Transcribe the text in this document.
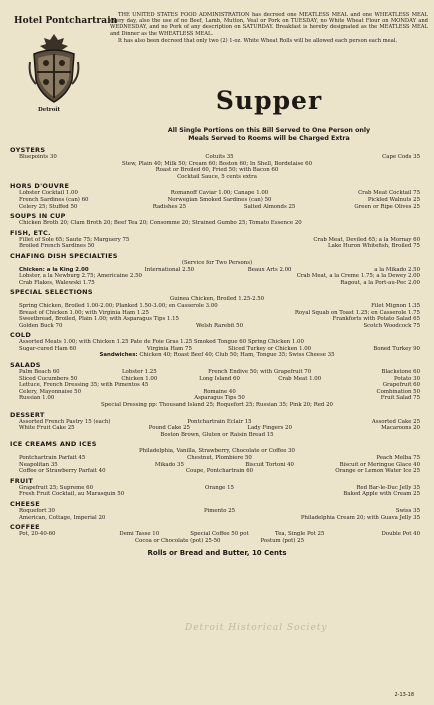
Hotel Pontchartrain
Detroit

THE UNITED STATES FOOD ADMINISTRATION has decreed one MEATLESS MEAL and one WHEATLESS MEAL every day, also the use of no Beef, Lamb, Mutton, Veal or Pork on TUESDAY, no White Wheat Flour on MONDAY and WEDNESDAY, and no Pork of any description on SATURDAY. Breakfast is hereby designated as the MEATLESS MEAL and Dinner as the WHEATLESS MEAL.

It has also been decreed that only two (2) 1-oz. White Wheat Rolls will be allowed each person each meal.

Supper
All Single Portions on this Bill Served to One Person only
Meals Served to Rooms will be Charged Extra
OYSTERS
Bluepoints 30	Cotuits 35	Cape Cods 35
Stew, Plain 40; Milk 50; Cream 60; Boston 60; In Shell, Bordelaise 60
Roast or Broiled 60, Fried 50; with Bacon 60
Cocktail Sauce, 5 cents extra
HORS D'OUVRE
Lobster Cocktail 1.00	Romanoff Caviar 1.00; Canape 1.00	Crab Meat Cocktail 75
French Sardines (can) 60	Norwegian Smoked Sardines (can) 50	Pickled Walnuts 25
Celery 25; Stuffed 50	Radishes 25	Salted Almonds 25	Green or Ripe Olives 25
SOUPS IN CUP
Chicken Broth 20; Clam Broth 20; Beef Tea 20; Consomme 20; Strained Gumbo 25; Tomato Essence 20
FISH, ETC.
Fillet of Sole 65; Saute 75; Marguery 75	Crab Meat, Deviled 65; a la Mornay 60
Broiled French Sardines 50	Lake Huron Whitefish, Broiled 75
CHAFING DISH SPECIALTIES
(Service for Two Persons)
Chicken: a la King 2.00	International 2.50	Beaux Arts 2.00	a la Mikado 2.50
Lobster, a la Newburg 2.75; Americaine 2.50	Crab Meat, a la Creme 1.75; a la Dewey 2.00
Crab Flakes, Walewski 1.75	Ragout, a la Port-au-Pec 2.00
SPECIAL SELECTIONS
Guinea Chicken, Broiled 1.25-2.50
Spring Chicken, Broiled 1.00-2.00; Planked 1.50-3.00; en Casserole 3.00	Filet Mignon 1.35
Breast of Chicken 1.00; with Virginia Ham 1.25	Royal Squab on Toast 1.25; en Casserole 1.75
Sweetbread, Broiled, Plain 1.00; with Asparagus Tips 1.15	Frankforts with Potato Salad 65
Golden Buck 70	Welsh Rarebit 50	Scotch Woodcock 75
COLD
Assorted Meats 1.00; with Chicken 1.25 Pate de Foie Gras 1.25 Smoked Tongue 60 Spring Chicken 1.00
Sugar-cured Ham 60	Virginia Ham 75	Sliced Turkey or Chicken 1.00	Boned Turkey 90
Sandwiches: Chicken 40; Roast Beef 40; Club 50; Ham, Tongue 35; Swiss Cheese 35
SALADS
Palm Beach 60	Lobster 1.25	French Endive 50; with Grapefruit 70	Blackstone 60
Sliced Cucumbers 50	Chicken 1.00	Long Island 60	Crab Meat 1.00	Potato 30
Lettuce, French Dressing 35; with Pimentos 45	Grapefruit 60
Celery, Mayonnaise 50	Romaine 40	Combination 50
Russian 1.00	Asparagus Tips 50	Fruit Salad 75
Special Dressing pp: Thousand Island 25; Roquefort 25; Russian 35; Pink 20; Red 20
DESSERT
Assorted French Pastry 15 (each)	Pontchartrain Eclair 15	Assorted Cake 25
White Fruit Cake 25	Pound Cake 25	Lady Fingers 20	Macaroons 20
Boston Brown, Gluten or Raisin Bread 15
ICE CREAMS AND ICES
Philadelphia, Vanilla, Strawberry, Chocolate or Coffee 30
Pontchartrain Parfait 45	Chestnut, Plombiere 50	Peach Melba 75
Neapolitan 35	Mikado 35	Biscuit Tortoni 40	Biscuit or Meringue Glace 40
Coffee or Strawberry Parfait 40	Coupe, Pontchartrain 60	Orange or Lemon Water Ice 25
FRUIT
Grapefruit 25; Supreme 60	Orange 15	Red Bar-le-Duc Jelly 35
Fresh Fruit Cocktail, au Marasquin 50	Baked Apple with Cream 25
CHEESE
Roquefort 30	Pimento 25	Swiss 35
American, Cottage, Imperial 20	Philadelphia Cream 20; with Guava Jelly 35
COFFEE
Pot, 20-40-60	Demi Tasse 10	Special Coffee 50 pot	Tea, Single Pot 25	Double Pot 40
Cocoa or Chocolate (pot) 25-50	Postum (pot) 25
Rolls or Bread and Butter, 10 Cents
Detroit Historical Society
2-13-18
